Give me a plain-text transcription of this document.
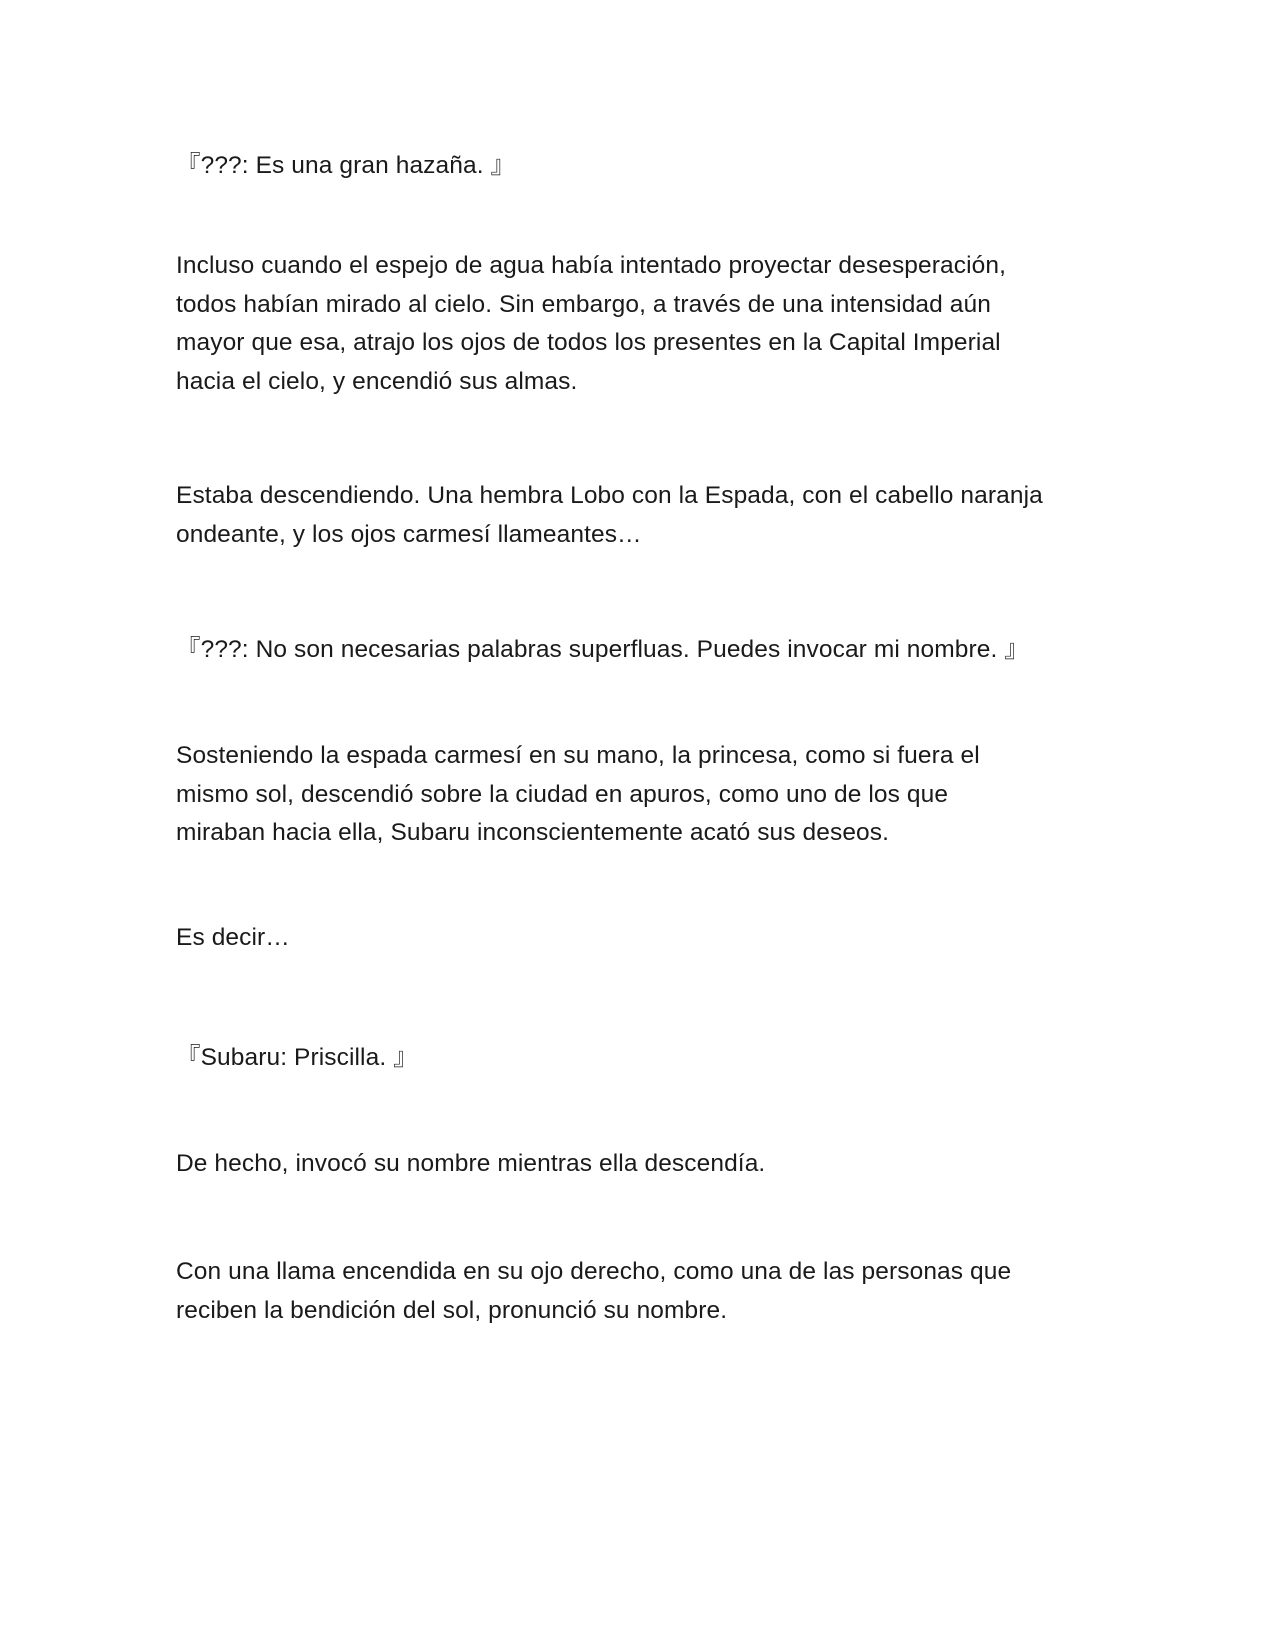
『???: Es una gran hazaña. 』

Incluso cuando el espejo de agua había intentado proyectar desesperación,
todos habían mirado al cielo. Sin embargo, a través de una intensidad aún
mayor que esa, atrajo los ojos de todos los presentes en la Capital Imperial
hacia el cielo, y encendió sus almas.

Estaba descendiendo. Una hembra Lobo con la Espada, con el cabello naranja
ondeante, y los ojos carmesí llameantes…

『???: No son necesarias palabras superfluas. Puedes invocar mi nombre. 』

Sosteniendo la espada carmesí en su mano, la princesa, como si fuera el
mismo sol, descendió sobre la ciudad en apuros, como uno de los que
miraban hacia ella, Subaru inconscientemente acató sus deseos.

Es decir…

『Subaru: Priscilla. 』

De hecho, invocó su nombre mientras ella descendía.

Con una llama encendida en su ojo derecho, como una de las personas que
reciben la bendición del sol, pronunció su nombre.
